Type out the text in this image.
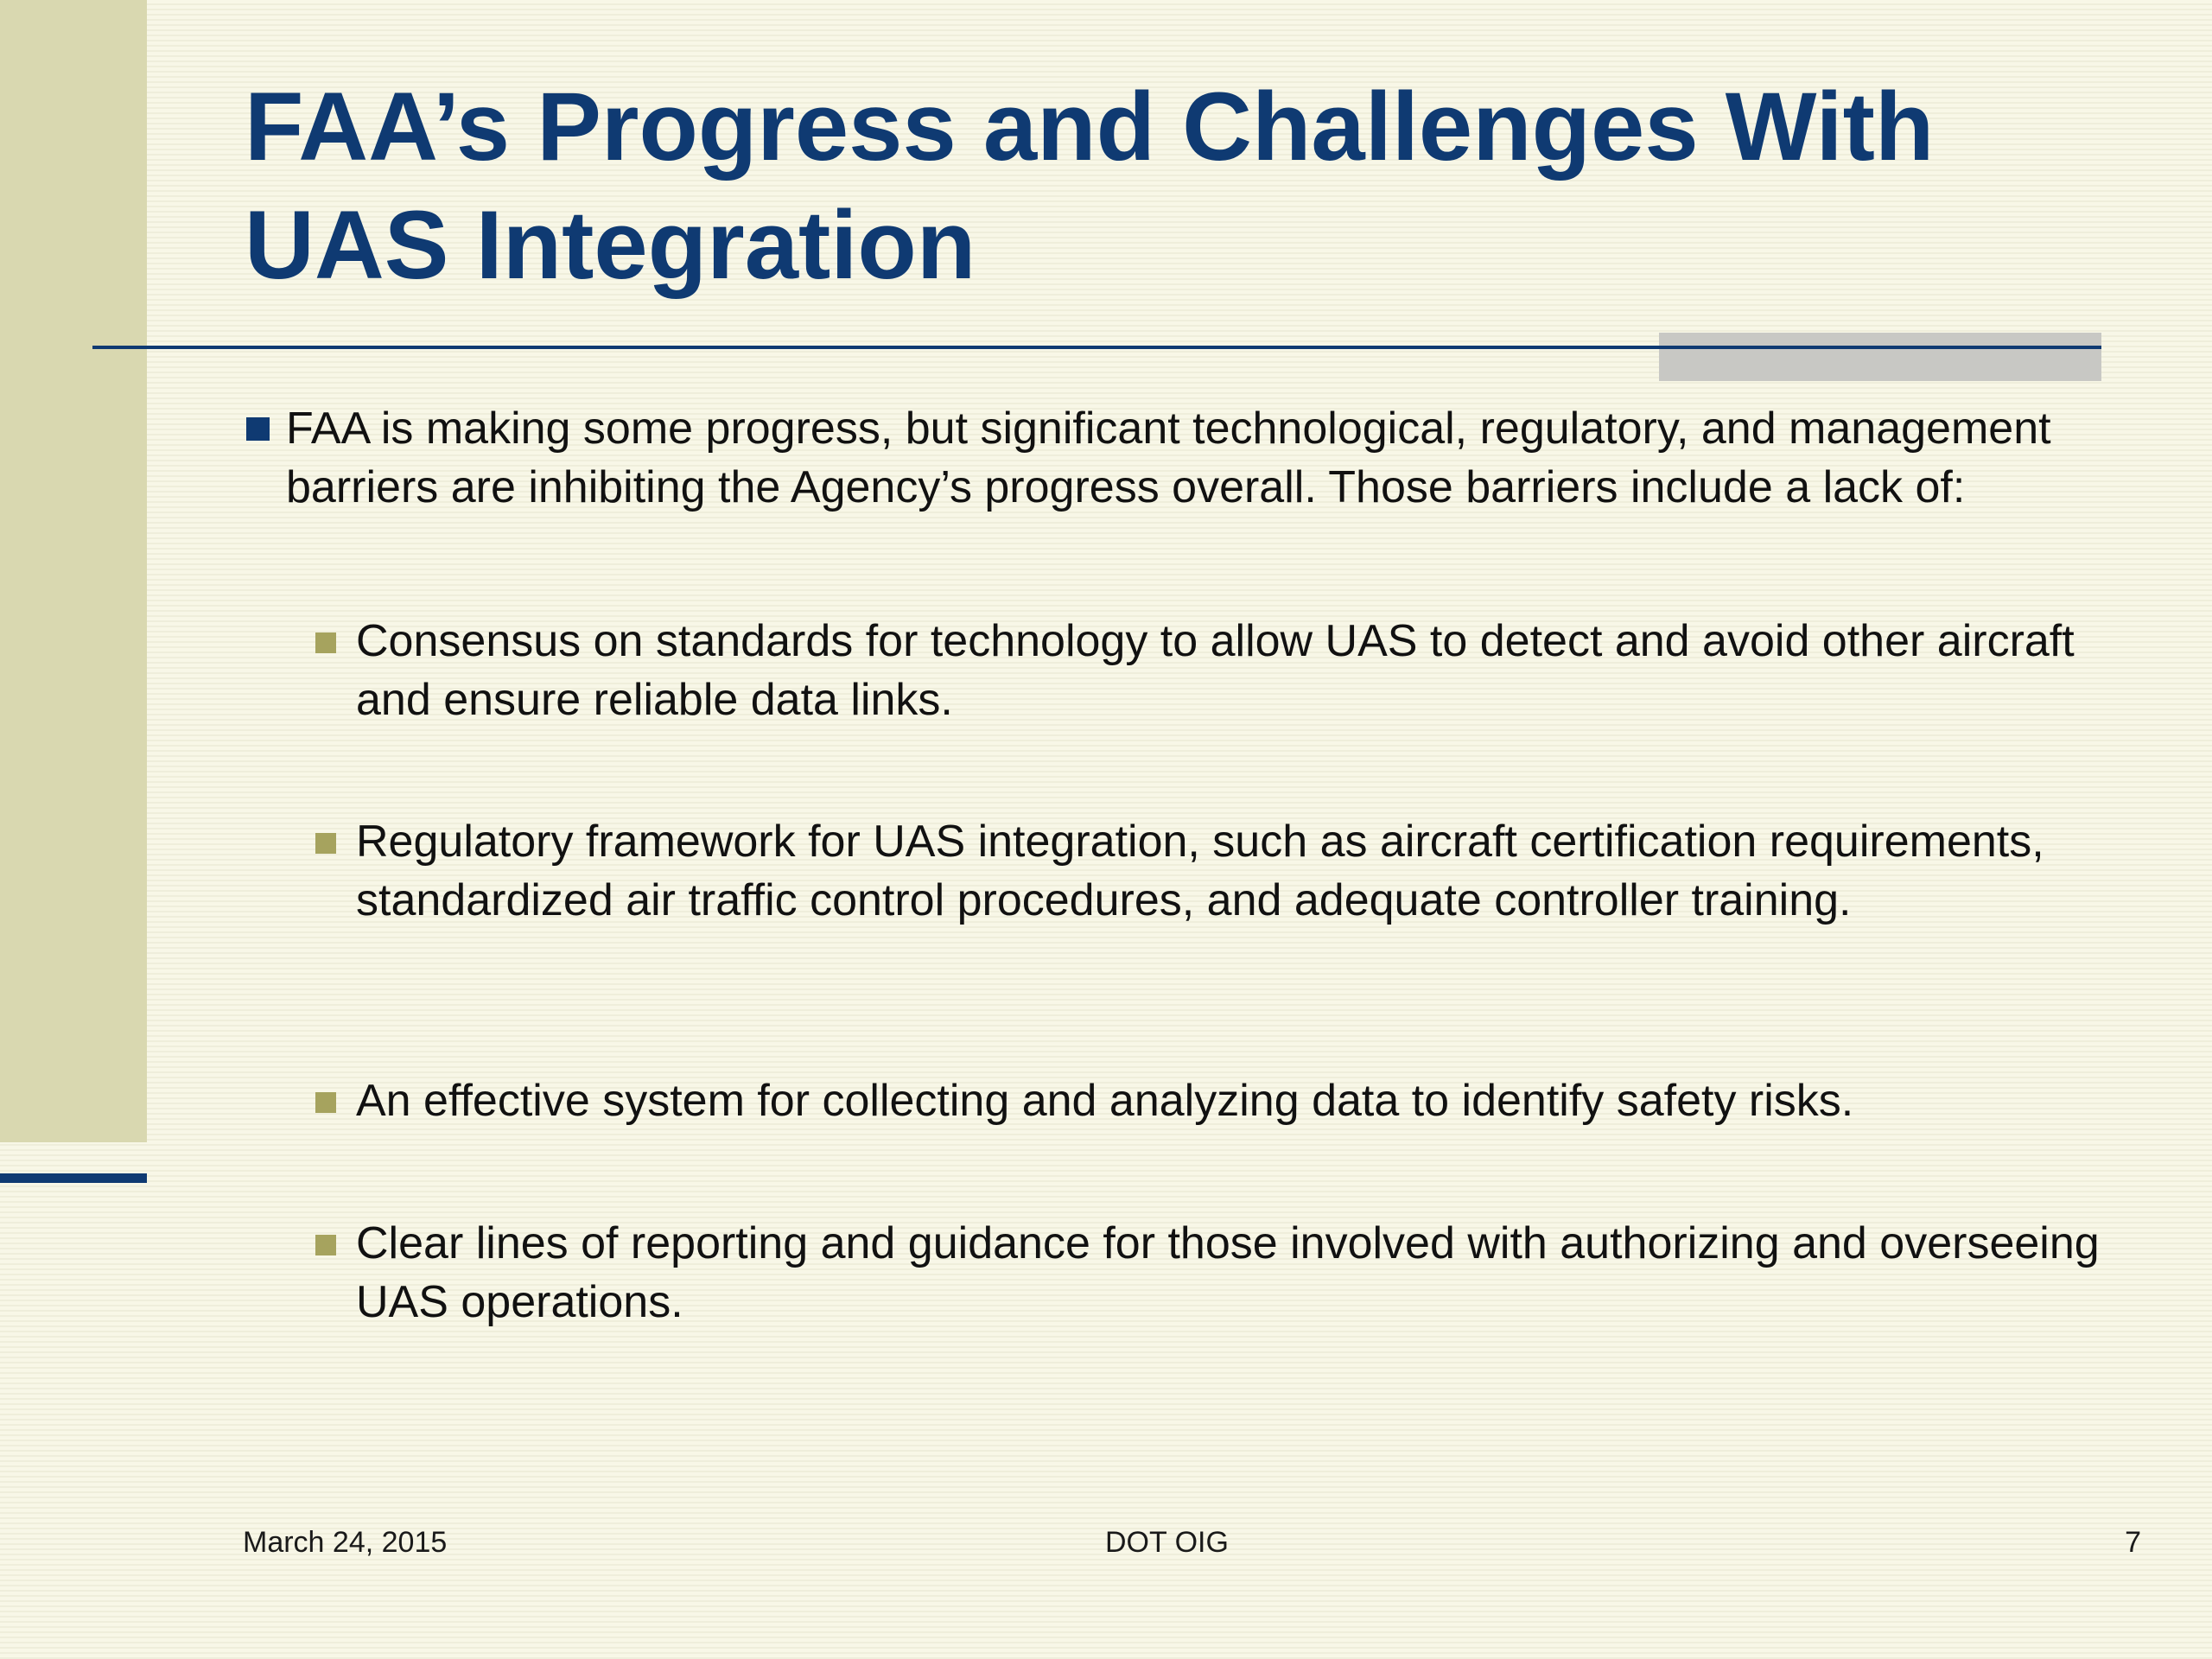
FAA’s Progress and Challenges With UAS Integration
FAA is making some progress, but significant technological, regulatory, and management barriers are inhibiting the Agency’s progress overall. Those barriers include a lack of:
Consensus on standards for technology to allow UAS to detect and avoid other aircraft and ensure reliable data links.
Regulatory framework for UAS integration, such as aircraft certification requirements, standardized air traffic control procedures, and adequate controller training.
An effective system for collecting and analyzing data to identify safety risks.
Clear lines of reporting and guidance for those involved with authorizing and overseeing UAS operations.
March 24, 2015	DOT OIG	7
